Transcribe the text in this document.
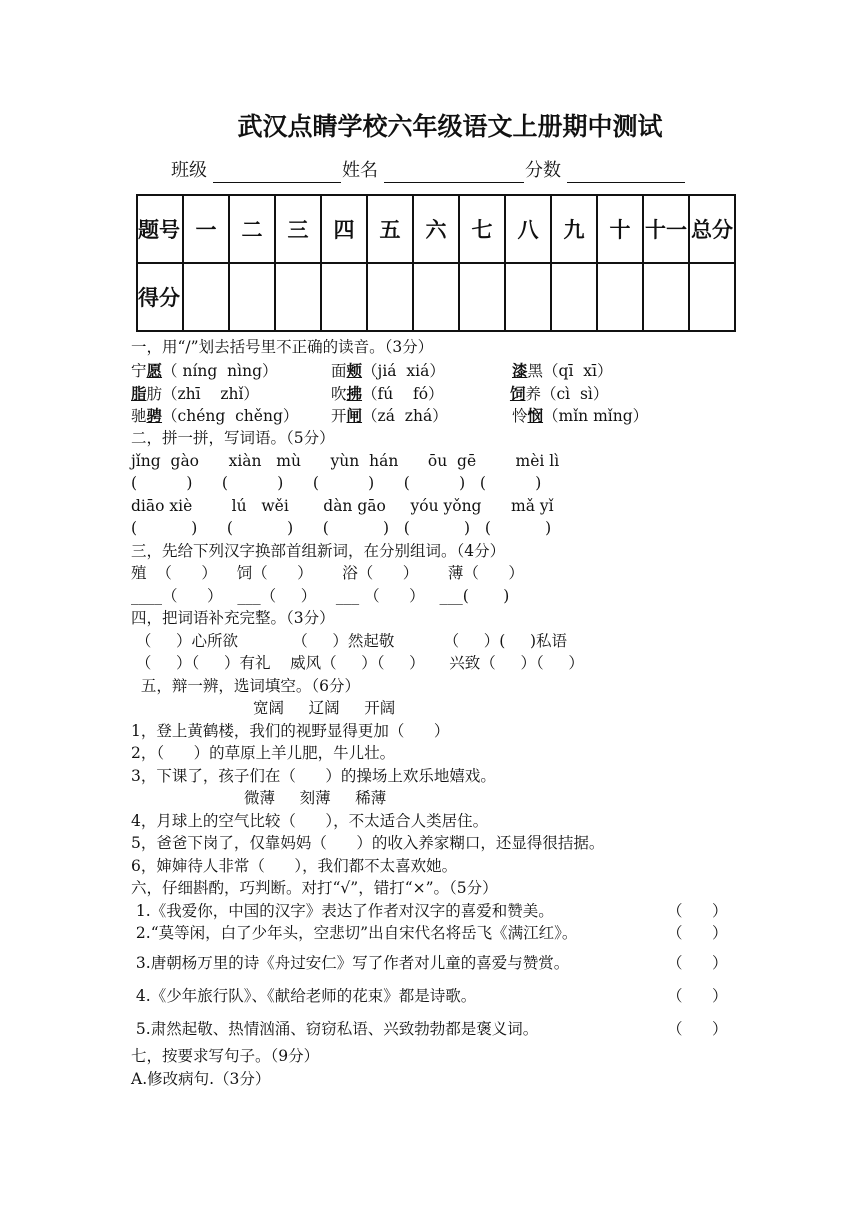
武汉点睛学校六年级语文上册期中测试
班级	姓名	分数
题号	一	二	三	四	五	六	七	八	九	十	十一	总分
得分												
一，用“/”划去括号里不正确的读音。（3分）
宁愿（ níng  nìng）	面颊（jiá  xiá）	漆黑（qī  xī）
脂肪（zhī    zhǐ）	吹拂（fú    fó）	饲养（cì  sì）
驰骋（chéng  chěng） 开闸（zá  zhá）	怜悯（mǐn mǐng）
二，拼一拼，写词语。（5分）
jǐng  gào      xiàn   mù      yùn  hán      ōu  gē        mèi lì
(          )      (          )      (          )      (          )   (          )
diāo xiè        lú   wěi       dàn gāo     yóu yǒng      mǎ yǐ
(           )      (           )      (           )   (           )   (           )
三，先给下列汉字换部首组新词，在分别组词。（4分）
殖  （      ）    饲（      ）      浴（      ）      薄（      ）
____（      ）   ___（     ）    ___ （      ）   ___(       )
四，把词语补充完整。（3分）
（     ）心所欲           （     ）然起敬          （     ）(     )私语
（     ）（     ）有礼    威风（     ）（     ）     兴致（     ）（     ）
五，辩一辨，选词填空。（6分）
宽阔     辽阔     开阔
1，登上黄鹤楼，我们的视野显得更加（      ）
2，（      ）的草原上羊儿肥，牛儿壮。
3，下课了，孩子们在（      ）的操场上欢乐地嬉戏。
微薄     刻薄     稀薄
4，月球上的空气比较（      ），不太适合人类居住。
5，爸爸下岗了，仅靠妈妈（      ）的收入养家糊口，还显得很拮据。
6，婶婶待人非常（      ），我们都不太喜欢她。
六，仔细斟酌，巧判断。对打“√”，错打“×”。（5分）
1.《我爱你，中国的汉字》表达了作者对汉字的喜爱和赞美。	（      ）
2.“莫等闲，白了少年头，空悲切”出自宋代名将岳飞《满江红》。	（      ）
3.唐朝杨万里的诗《舟过安仁》写了作者对儿童的喜爱与赞赏。	（      ）
4.《少年旅行队》、《献给老师的花束》都是诗歌。	（      ）
5.肃然起敬、热情汹涌、窃窃私语、兴致勃勃都是褒义词。	（      ）
七，按要求写句子。（9分）
A.修改病句.（3分）
